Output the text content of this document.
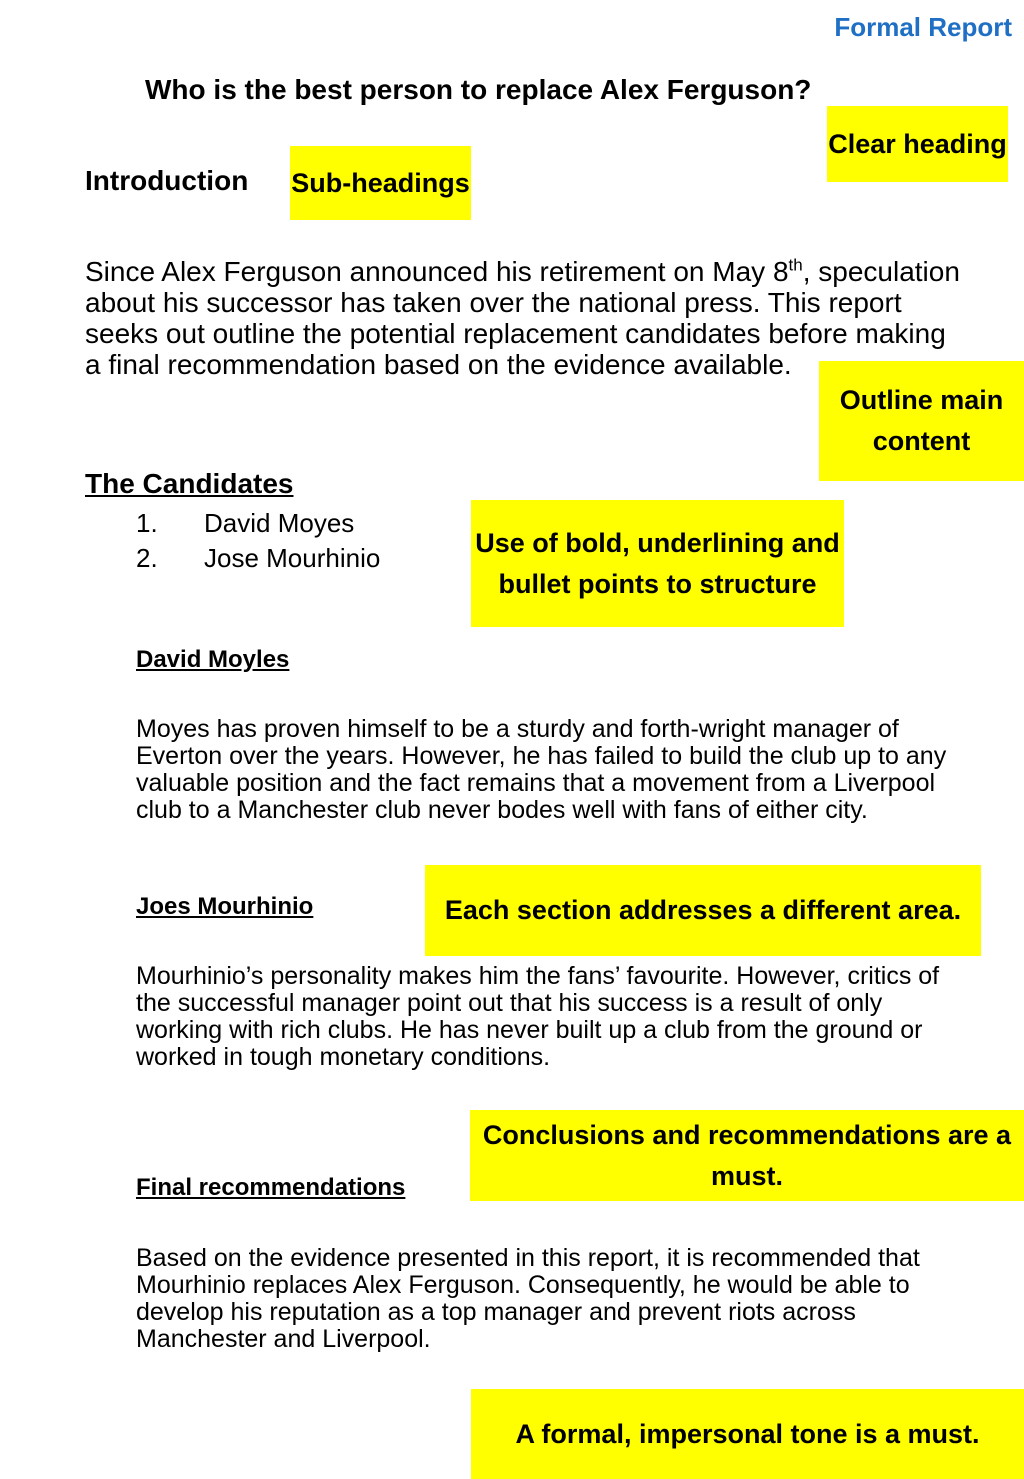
Formal Report
Who is the best person to replace Alex Ferguson?
Introduction
Since Alex Ferguson announced his retirement on May 8th, speculation about his successor has taken over the national press. This report seeks out outline the potential replacement candidates before making a final recommendation based on the evidence available.
The Candidates
1.	David Moyes
2.	Jose Mourhinio
David Moyles
Moyes has proven himself to be a sturdy and forth-wright manager of Everton over the years. However, he has failed to build the club up to any valuable position and the fact remains that a movement from a Liverpool club to a Manchester club never bodes well with fans of either city.
Joes Mourhinio
Mourhinio’s personality makes him the fans’ favourite. However, critics of the successful manager point out that his success is a result of only working with rich clubs. He has never built up a club from the ground or worked in tough monetary conditions.
Final recommendations
Based on the evidence presented in this report, it is recommended that Mourhinio replaces Alex Ferguson. Consequently, he would be able to develop his reputation as a top manager and prevent riots across Manchester and Liverpool.
Clear heading
Sub-headings
Outline main content
Use of bold, underlining and bullet points to structure
Each section addresses a different area.
Conclusions and recommendations are a must.
A formal, impersonal tone is a must.
